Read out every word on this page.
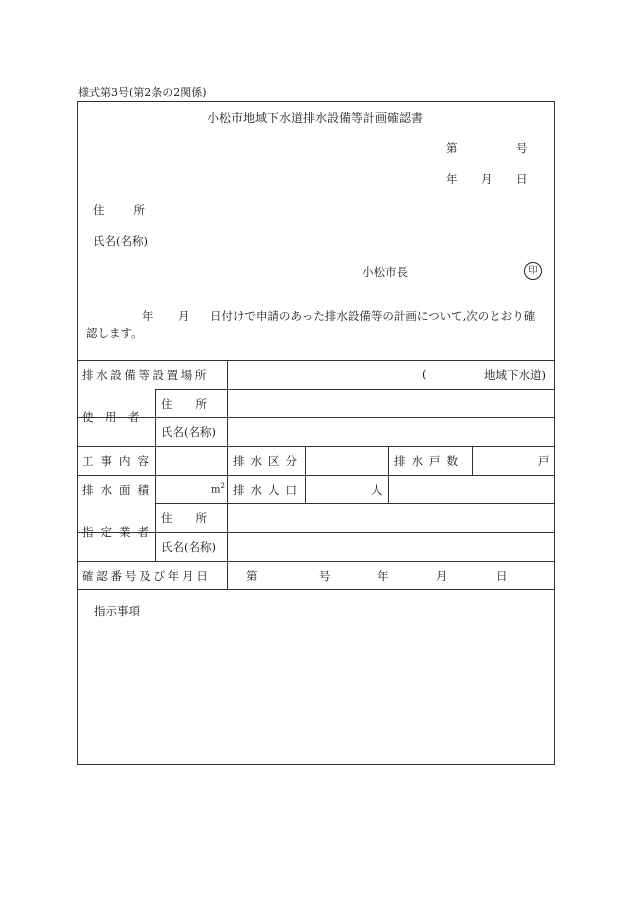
様式第3号(第2条の2関係)
小松市地域下水道排水設備等計画確認書
第	号
年 月 日
住　　所
氏名(名称)
小松市長	印
年 月 日付けで申請のあった排水設備等の計画について,次のとおり確
認します。
排水設備等設置場所	(	地域下水道)
使　用　者
住　　所
氏名(名称)
工事内容	排水区分	排水戸数	戸
排水面積	$m^2$ 排水人口	人
指定業者
住　　所
氏名(名称)
確認番号及び年月日	第	号	年	月	日
指示事項
